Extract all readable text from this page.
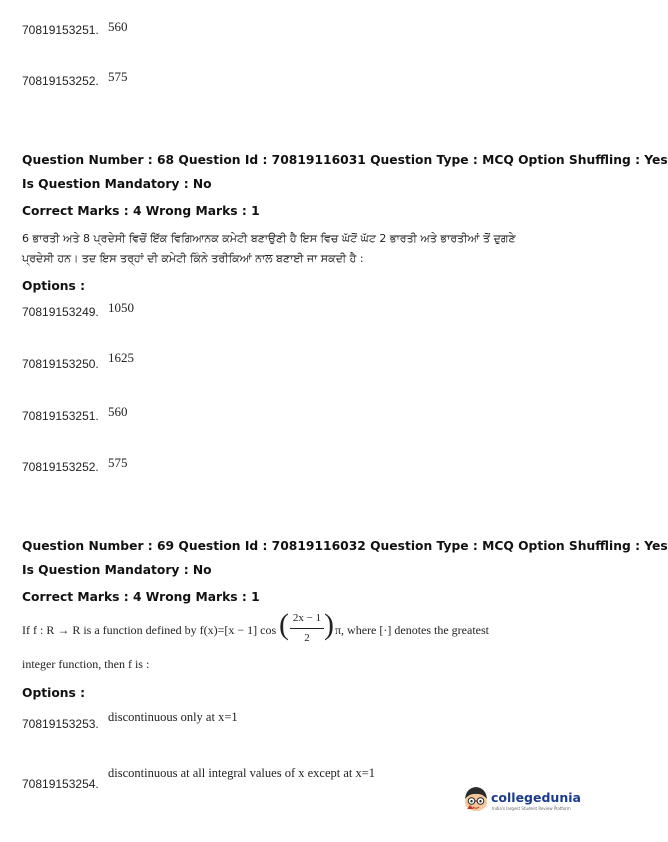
70819153251. 560
70819153252. 575
Question Number : 68 Question Id : 70819116031 Question Type : MCQ Option Shuffling : Yes
Is Question Mandatory : No
Correct Marks : 4 Wrong Marks : 1
6 ਭਾਰਤੀ ਅਤੇ 8 ਪ੍ਰਦੇਸੀ ਵਿਚੋਂ ਇੱਕ ਵਿਗਿਆਨਕ ਕਮੇਟੀ ਬਣਾਉਣੀ ਹੈ ਇਸ ਵਿਚ ਘੱਟੋਂ ਘੱਟ 2 ਭਾਰਤੀ ਅਤੇ ਭਾਰਤੀਆਂ ਤੋਂ ਦੁਗਣੇ
ਪ੍ਰਦੇਸੀ ਹਨ। ਤਦ ਇਸ ਤਰ੍ਹਾਂ ਦੀ ਕਮੇਟੀ ਕਿੰਨੇ ਤਰੀਕਿਆਂ ਨਾਲ ਬਣਾਈ ਜਾ ਸਕਦੀ ਹੈ :
Options :
70819153249. 1050
70819153250. 1625
70819153251. 560
70819153252. 575
Question Number : 69 Question Id : 70819116032 Question Type : MCQ Option Shuffling : Yes
Is Question Mandatory : No
Correct Marks : 4 Wrong Marks : 1
If f : R → R is a function defined by f(x)=[x − 1] cos ( 2x − 1
2 ) π, where [·] denotes the greatest
integer function, then f is :
Options :
70819153253. discontinuous only at x=1
70819153254.
discontinuous at all integral values of x except at x=1
collegedunia
India's largest Student Review Platform
